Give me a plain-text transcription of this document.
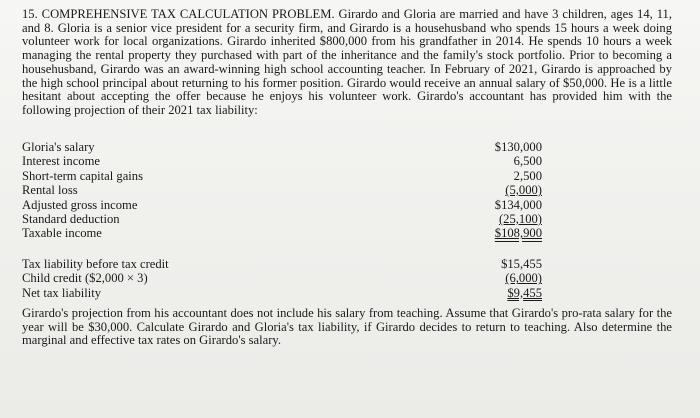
15. COMPREHENSIVE TAX CALCULATION PROBLEM. Girardo and Gloria are married and have 3 children, ages 14, 11, and 8. Gloria is a senior vice president for a security firm, and Girardo is a househusband who spends 15 hours a week doing volunteer work for local organizations. Girardo inherited $800,000 from his grandfather in 2014. He spends 10 hours a week managing the rental property they purchased with part of the inheritance and the family's stock portfolio. Prior to becoming a househusband, Girardo was an award-winning high school accounting teacher. In February of 2021, Girardo is approached by the high school principal about returning to his former position. Girardo would receive an annual salary of $50,000. He is a little hesitant about accepting the offer because he enjoys his volunteer work. Girardo's accountant has provided him with the following projection of their 2021 tax liability:

Gloria's salary	$130,000
Interest income	6,500
Short-term capital gains	2,500
Rental loss	(5,000)
Adjusted gross income	$134,000
Standard deduction	(25,100)
Taxable income	$108,900
Tax liability before tax credit	$15,455
Child credit ($2,000 × 3)	(6,000)
Net tax liability	$9,455

Girardo's projection from his accountant does not include his salary from teaching. Assume that Girardo's pro-rata salary for the year will be $30,000. Calculate Girardo and Gloria's tax liability, if Girardo decides to return to teaching. Also determine the marginal and effective tax rates on Girardo's salary.
